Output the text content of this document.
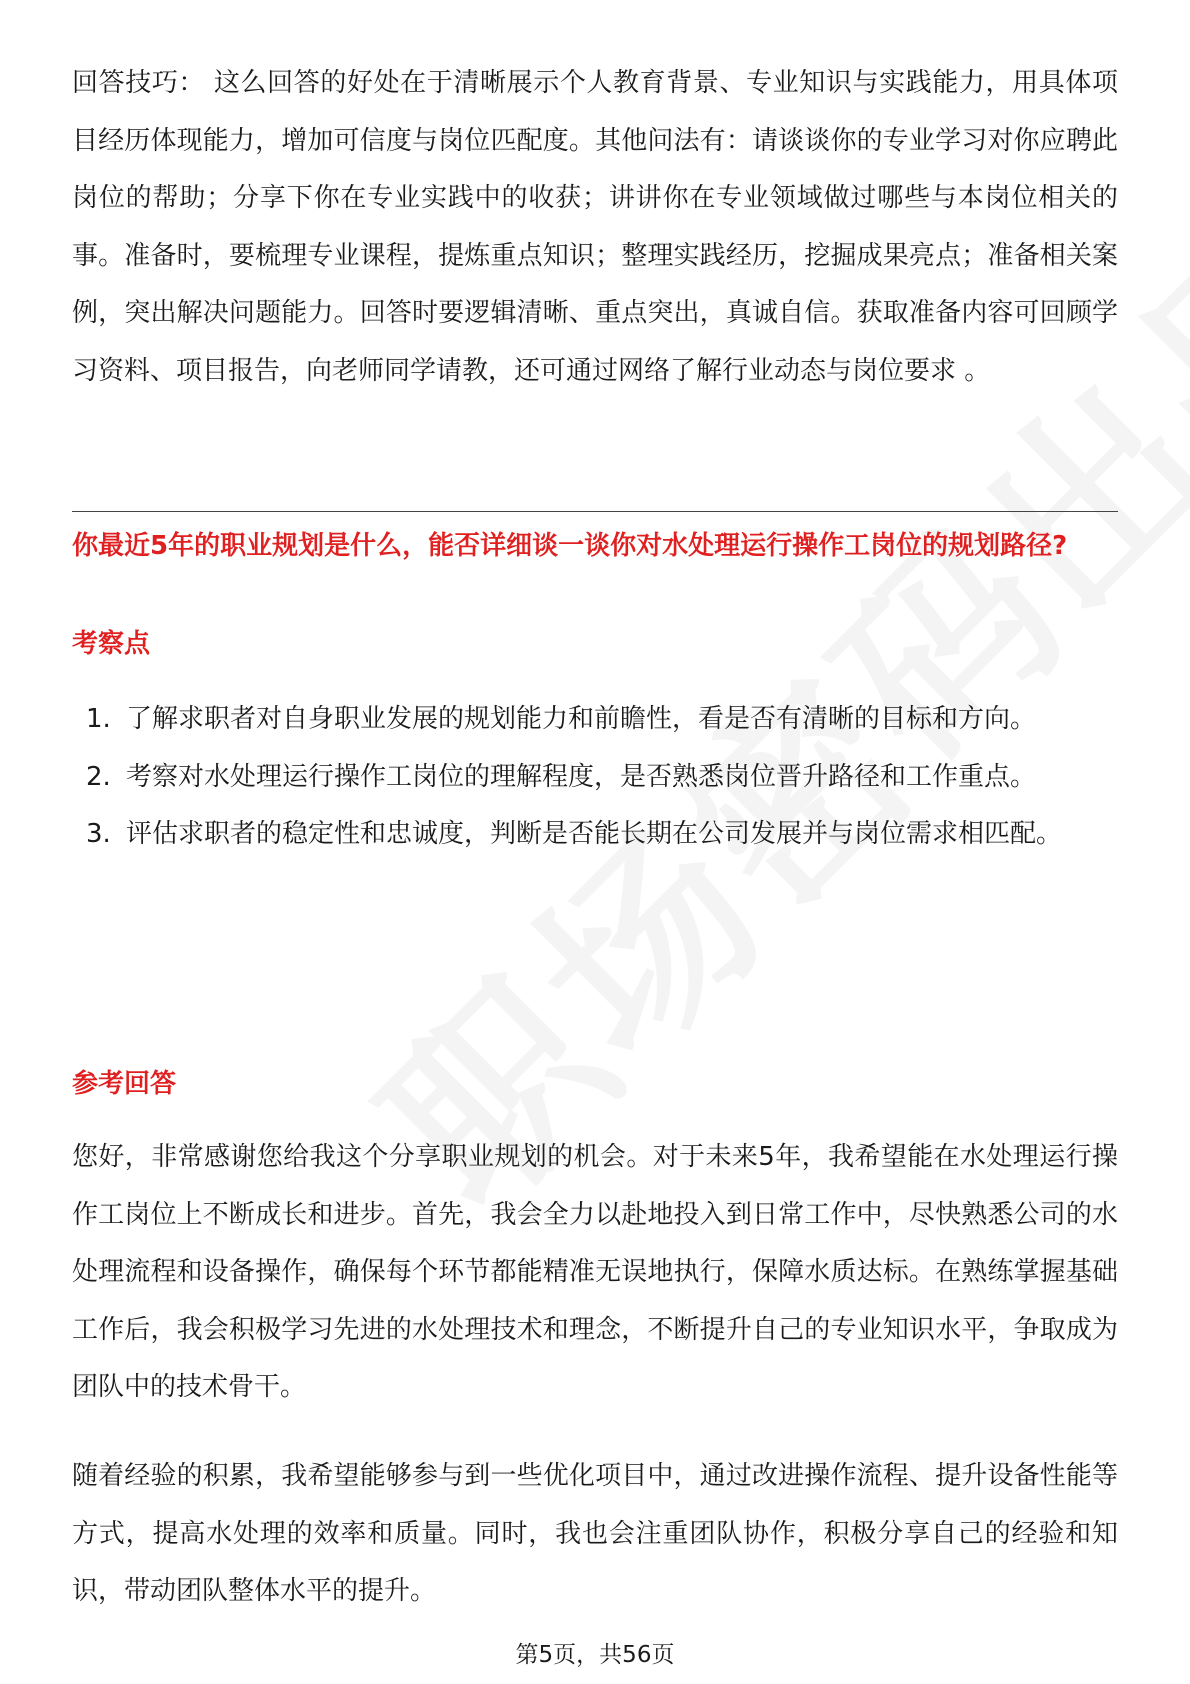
回答技巧： 这么回答的好处在于清晰展示个人教育背景、专业知识与实践能力，用具体项目经历体现能力，增加可信度与岗位匹配度。其他问法有：请谈谈你的专业学习对你应聘此岗位的帮助；分享下你在专业实践中的收获；讲讲你在专业领域做过哪些与本岗位相关的事。准备时，要梳理专业课程，提炼重点知识；整理实践经历，挖掘成果亮点；准备相关案例，突出解决问题能力。回答时要逻辑清晰、重点突出，真诚自信。获取准备内容可回顾学习资料、项目报告，向老师同学请教，还可通过网络了解行业动态与岗位要求 。

你最近5年的职业规划是什么，能否详细谈一谈你对水处理运行操作工岗位的规划路径?
考察点
1. 了解求职者对自身职业发展的规划能力和前瞻性，看是否有清晰的目标和方向。
2. 考察对水处理运行操作工岗位的理解程度，是否熟悉岗位晋升路径和工作重点。
3. 评估求职者的稳定性和忠诚度，判断是否能长期在公司发展并与岗位需求相匹配。
参考回答

您好，非常感谢您给我这个分享职业规划的机会。对于未来5年，我希望能在水处理运行操作工岗位上不断成长和进步。首先，我会全力以赴地投入到日常工作中，尽快熟悉公司的水处理流程和设备操作，确保每个环节都能精准无误地执行，保障水质达标。在熟练掌握基础工作后，我会积极学习先进的水处理技术和理念，不断提升自己的专业知识水平，争取成为团队中的技术骨干。

随着经验的积累，我希望能够参与到一些优化项目中，通过改进操作流程、提升设备性能等方式，提高水处理的效率和质量。同时，我也会注重团队协作，积极分享自己的经验和知识，带动团队整体水平的提升。

第5页，共56页
